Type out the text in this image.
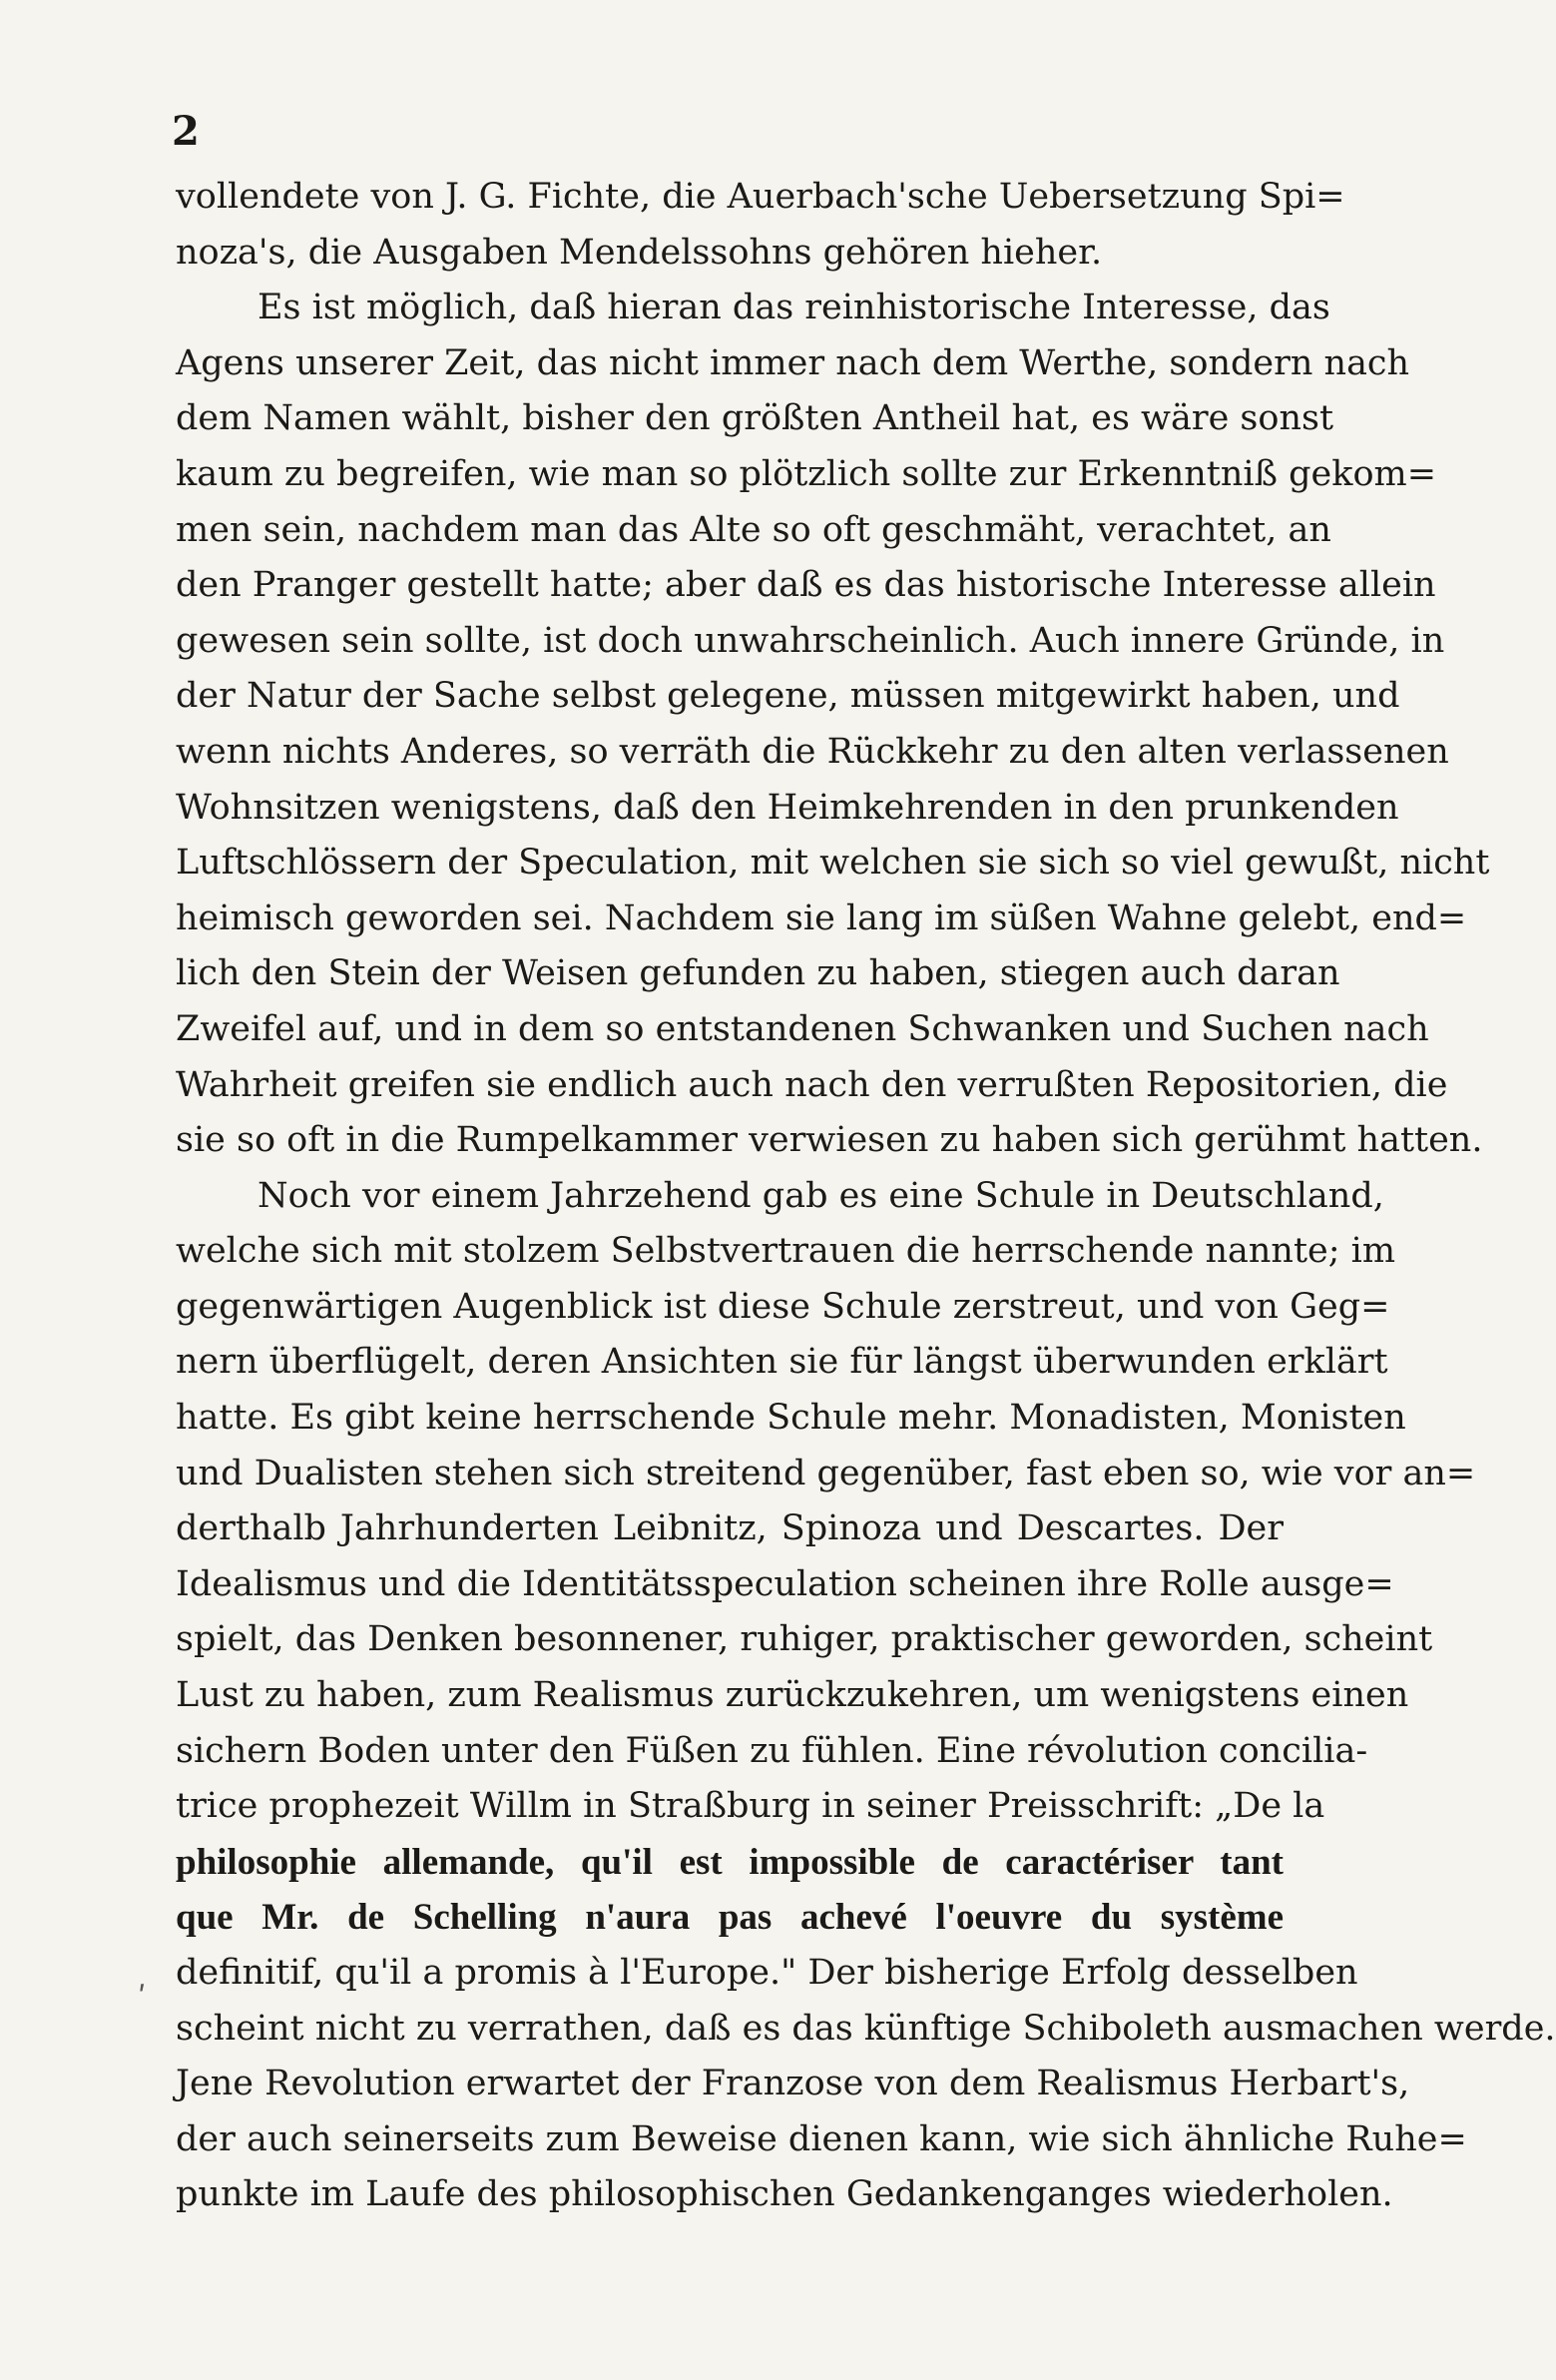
2
vollendete von J. G. Fichte, die Auerbach'sche Uebersetzung Spi=
noza's, die Ausgaben Mendelssohns gehören hieher.
Es ist möglich, daß hieran das reinhistorische Interesse, das
Agens unserer Zeit, das nicht immer nach dem Werthe, sondern nach
dem Namen wählt, bisher den größten Antheil hat, es wäre sonst
kaum zu begreifen, wie man so plötzlich sollte zur Erkenntniß gekom=
men sein, nachdem man das Alte so oft geschmäht, verachtet, an
den Pranger gestellt hatte; aber daß es das historische Interesse allein
gewesen sein sollte, ist doch unwahrscheinlich. Auch innere Gründe, in
der Natur der Sache selbst gelegene, müssen mitgewirkt haben, und
wenn nichts Anderes, so verräth die Rückkehr zu den alten verlassenen
Wohnsitzen wenigstens, daß den Heimkehrenden in den prunkenden
Luftschlössern der Speculation, mit welchen sie sich so viel gewußt, nicht
heimisch geworden sei. Nachdem sie lang im süßen Wahne gelebt, end=
lich den Stein der Weisen gefunden zu haben, stiegen auch daran
Zweifel auf, und in dem so entstandenen Schwanken und Suchen nach
Wahrheit greifen sie endlich auch nach den verrußten Repositorien, die
sie so oft in die Rumpelkammer verwiesen zu haben sich gerühmt hatten.
Noch vor einem Jahrzehend gab es eine Schule in Deutschland,
welche sich mit stolzem Selbstvertrauen die herrschende nannte; im
gegenwärtigen Augenblick ist diese Schule zerstreut, und von Geg=
nern überflügelt, deren Ansichten sie für längst überwunden erklärt
hatte. Es gibt keine herrschende Schule mehr. Monadisten, Monisten
und Dualisten stehen sich streitend gegenüber, fast eben so, wie vor an=
derthalb Jahrhunderten Leibnitz, Spinoza und Descartes. Der
Idealismus und die Identitätsspeculation scheinen ihre Rolle ausge=
spielt, das Denken besonnener, ruhiger, praktischer geworden, scheint
Lust zu haben, zum Realismus zurückzukehren, um wenigstens einen
sichern Boden unter den Füßen zu fühlen. Eine révolution concilia-
trice prophezeit Willm in Straßburg in seiner Preisschrift: „De la
philosophie allemande, qu'il est impossible de caractériser tant
que Mr. de Schelling n'aura pas achevé l'oeuvre du système
definitif, qu'il a promis à l'Europe." Der bisherige Erfolg desselben
scheint nicht zu verrathen, daß es das künftige Schiboleth ausmachen werde.
Jene Revolution erwartet der Franzose von dem Realismus Herbart's,
der auch seinerseits zum Beweise dienen kann, wie sich ähnliche Ruhe=
punkte im Laufe des philosophischen Gedankenganges wiederholen.
ʹ
